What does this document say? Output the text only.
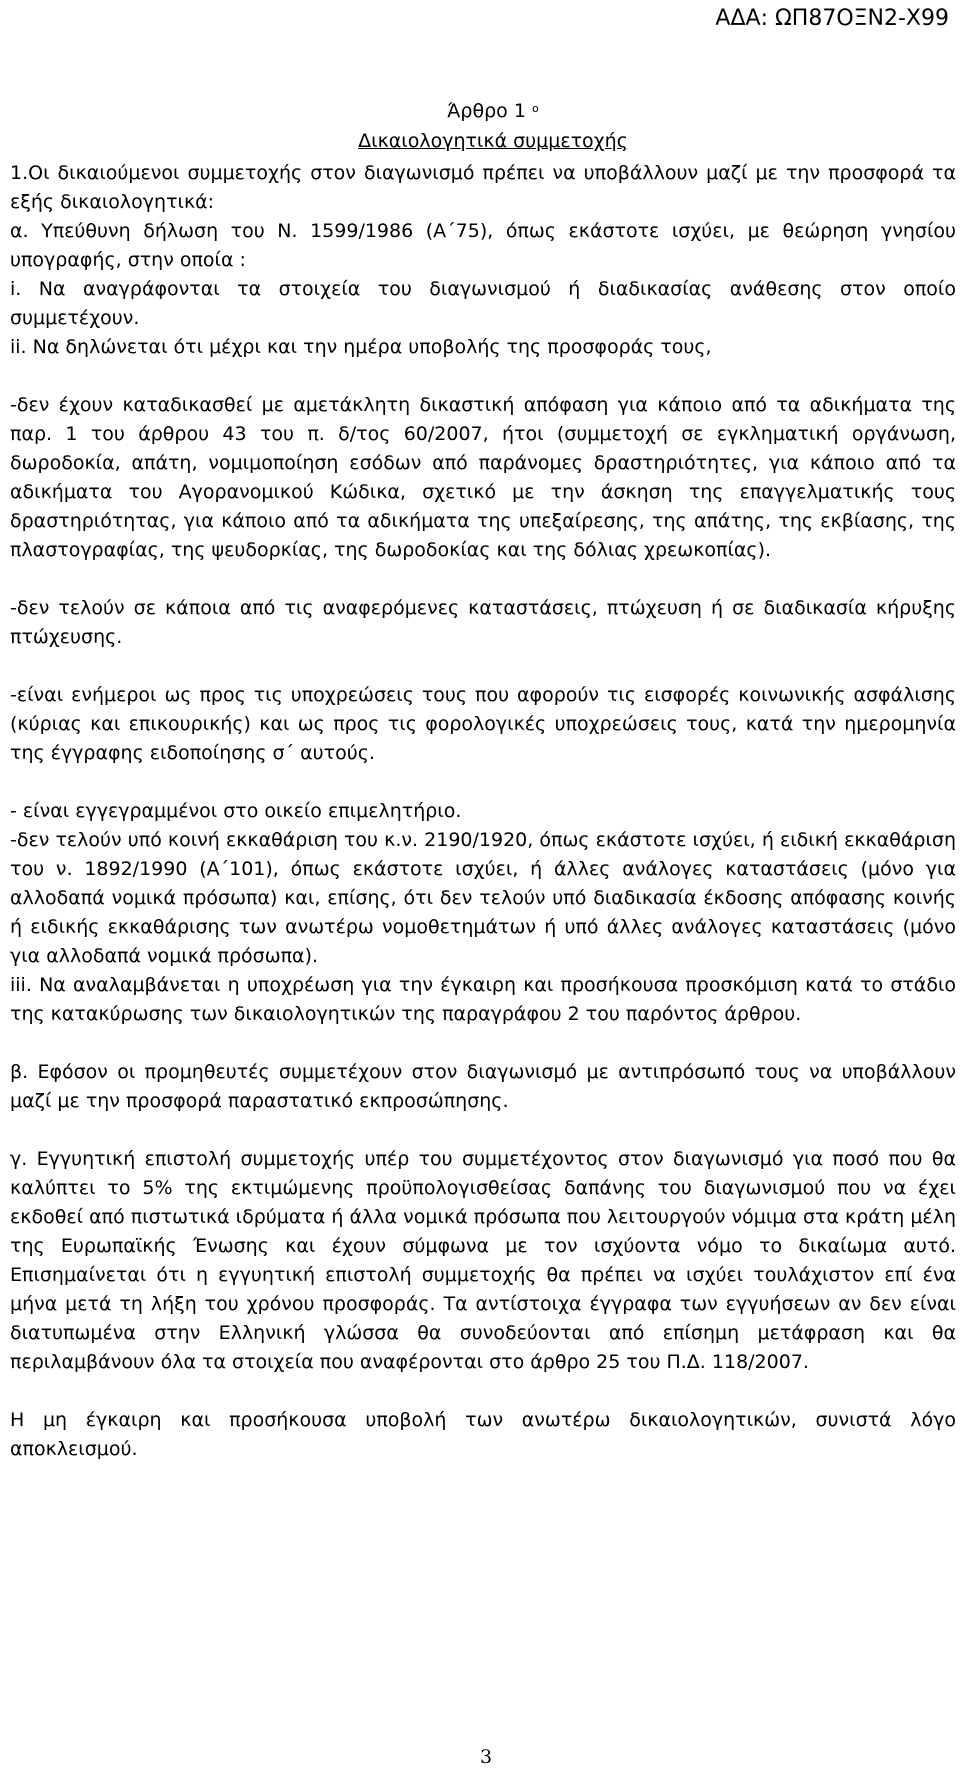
ΑΔΑ: ΩΠ87ΟΞΝ2-Χ99
Άρθρο 1 $^o$
Δικαιολογητικά συμμετοχής

1.Οι δικαιούμενοι συμμετοχής στον διαγωνισμό πρέπει να υποβάλλουν μαζί με την προσφορά τα εξής δικαιολογητικά:

α. Υπεύθυνη δήλωση του Ν. 1599/1986 (Α΄75), όπως εκάστοτε ισχύει, με θεώρηση γνησίου υπογραφής, στην οποία :

i. Να αναγράφονται τα στοιχεία του διαγωνισμού ή διαδικασίας ανάθεσης στον οποίο συμμετέχουν.

ii. Να δηλώνεται ότι μέχρι και την ημέρα υποβολής της προσφοράς τους,

-δεν έχουν καταδικασθεί με αμετάκλητη δικαστική απόφαση για κάποιο από τα αδικήματα της παρ. 1 του άρθρου 43 του π. δ/τος 60/2007, ήτοι (συμμετοχή σε εγκληματική οργάνωση, δωροδοκία, απάτη, νομιμοποίηση εσόδων από παράνομες δραστηριότητες, για κάποιο από τα αδικήματα του Αγορανομικού Κώδικα, σχετικό με την άσκηση της επαγγελματικής τους δραστηριότητας, για κάποιο από τα αδικήματα της υπεξαίρεσης, της απάτης, της εκβίασης, της πλαστογραφίας, της ψευδορκίας, της δωροδοκίας και της δόλιας χρεωκοπίας).

-δεν τελούν σε κάποια από τις αναφερόμενες καταστάσεις, πτώχευση ή σε διαδικασία κήρυξης πτώχευσης.

-είναι ενήμεροι ως προς τις υποχρεώσεις τους που αφορούν τις εισφορές κοινωνικής ασφάλισης (κύριας και επικουρικής) και ως προς τις φορολογικές υποχρεώσεις τους, κατά την ημερομηνία της έγγραφης ειδοποίησης σ΄ αυτούς.

- είναι εγγεγραμμένοι στο οικείο επιμελητήριο.

-δεν τελούν υπό κοινή εκκαθάριση του κ.ν. 2190/1920, όπως εκάστοτε ισχύει, ή ειδική εκκαθάριση του ν. 1892/1990 (Α΄101), όπως εκάστοτε ισχύει, ή άλλες ανάλογες καταστάσεις (μόνο για αλλοδαπά νομικά πρόσωπα) και, επίσης, ότι δεν τελούν υπό διαδικασία έκδοσης απόφασης κοινής ή ειδικής εκκαθάρισης των ανωτέρω νομοθετημάτων ή υπό άλλες ανάλογες καταστάσεις (μόνο για αλλοδαπά νομικά πρόσωπα).

iii. Να αναλαμβάνεται η υποχρέωση για την έγκαιρη και προσήκουσα προσκόμιση κατά το στάδιο της κατακύρωσης των δικαιολογητικών της παραγράφου 2 του παρόντος άρθρου.

β. Εφόσον οι προμηθευτές συμμετέχουν στον διαγωνισμό με αντιπρόσωπό τους να υποβάλλουν μαζί με την προσφορά παραστατικό εκπροσώπησης.

γ. Εγγυητική επιστολή συμμετοχής υπέρ του συμμετέχοντος στον διαγωνισμό για ποσό που θα καλύπτει το 5% της εκτιμώμενης προϋπολογισθείσας δαπάνης του διαγωνισμού που να έχει εκδοθεί από πιστωτικά ιδρύματα ή άλλα νομικά πρόσωπα που λειτουργούν νόμιμα στα κράτη μέλη της Ευρωπαϊκής Ένωσης και έχουν σύμφωνα με τον ισχύοντα νόμο το δικαίωμα αυτό. Επισημαίνεται ότι η εγγυητική επιστολή συμμετοχής θα πρέπει να ισχύει τουλάχιστον επί ένα μήνα μετά τη λήξη του χρόνου προσφοράς. Τα αντίστοιχα έγγραφα των εγγυήσεων αν δεν είναι διατυπωμένα στην Ελληνική γλώσσα θα συνοδεύονται από επίσημη μετάφραση και θα περιλαμβάνουν όλα τα στοιχεία που αναφέρονται στο άρθρο 25 του Π.Δ. 118/2007.

Η μη έγκαιρη και προσήκουσα υποβολή των ανωτέρω δικαιολογητικών, συνιστά λόγο αποκλεισμού.

3
